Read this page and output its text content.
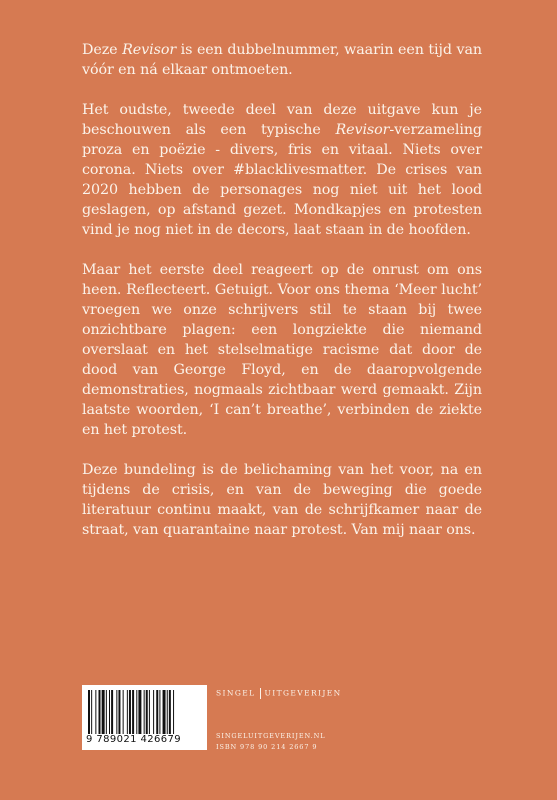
Deze Revisor is een dubbelnummer, waarin een tijd van vóór en ná elkaar ontmoeten.

Het oudste, tweede deel van deze uitgave kun je beschouwen als een typische Revisor-verzameling proza en poëzie - divers, fris en vitaal. Niets over corona. Niets over #blacklivesmatter. De crises van 2020 hebben de personages nog niet uit het lood geslagen, op afstand gezet. Mondkapjes en protesten vind je nog niet in de decors, laat staan in de hoofden.

Maar het eerste deel reageert op de onrust om ons heen. Reflecteert. Getuigt. Voor ons thema ‘Meer lucht’ vroegen we onze schrijvers stil te staan bij twee onzichtbare plagen: een longziekte die niemand overslaat en het stelselmatige racisme dat door de dood van George Floyd, en de daaropvolgende demonstraties, nogmaals zichtbaar werd gemaakt. Zijn laatste woorden, ‘I can’t breathe’, verbinden de ziekte en het protest.

Deze bundeling is de belichaming van het voor, na en tijdens de crisis, en van de beweging die goede literatuur continu maakt, van de schrijfkamer naar de straat, van quarantaine naar protest. Van mij naar ons.

9 789021 426679
SINGEL UITGEVERIJEN
SINGELUITGEVERIJEN.NL
ISBN 978 90 214 2667 9
